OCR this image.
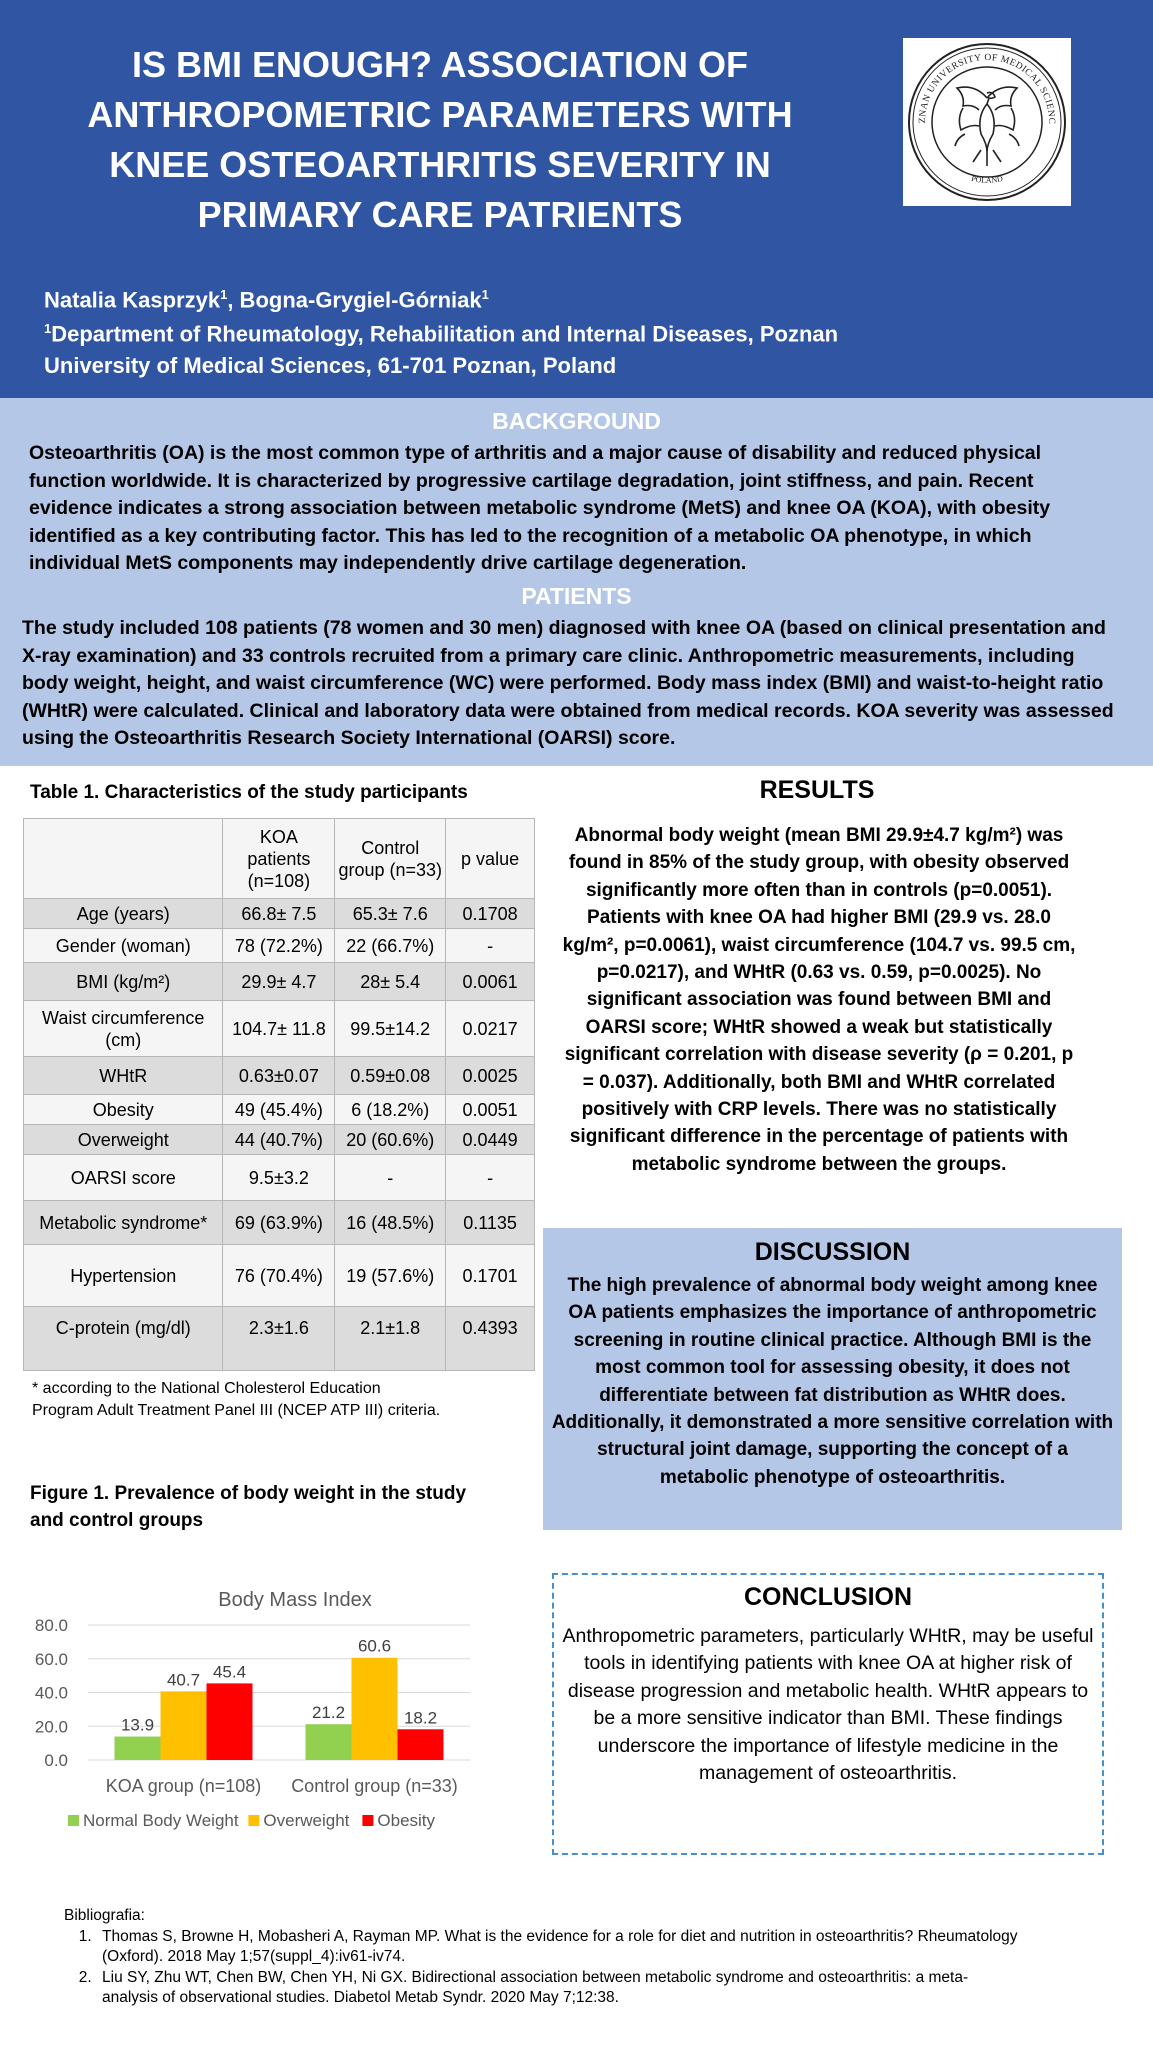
IS BMI ENOUGH? ASSOCIATION OF
ANTHROPOMETRIC PARAMETERS WITH
KNEE OSTEOARTHRITIS SEVERITY IN
PRIMARY CARE PATRIENTS
ZNAN UNIVERSITY OF MEDICAL SCIENC
POLAND
Natalia Kasprzyk$^1$, Bogna-Grygiel-Górniak$^1$
$^1$Department of Rheumatology, Rehabilitation and Internal Diseases, Poznan
University of Medical Sciences, 61-701 Poznan, Poland
BACKGROUND
Osteoarthritis (OA) is the most common type of arthritis and a major cause of disability and reduced physical function worldwide. It is characterized by progressive cartilage degradation, joint stiffness, and pain. Recent evidence indicates a strong association between metabolic syndrome (MetS) and knee OA (KOA), with obesity identified as a key contributing factor. This has led to the recognition of a metabolic OA phenotype, in which individual MetS components may independently drive cartilage degeneration.
PATIENTS
The study included 108 patients (78 women and 30 men) diagnosed with knee OA (based on clinical presentation and X-ray examination) and 33 controls recruited from a primary care clinic. Anthropometric measurements, including body weight, height, and waist circumference (WC) were performed. Body mass index (BMI) and waist-to-height ratio (WHtR) were calculated. Clinical and laboratory data were obtained from medical records. KOA severity was assessed using the Osteoarthritis Research Society International (OARSI) score.
Table 1. Characteristics of the study participants
	KOA patients (n=108)	Control group (n=33)	p value
Age (years)	66.8± 7.5	65.3± 7.6	0.1708
Gender (woman)	78 (72.2%)	22 (66.7%)	-
BMI (kg/m²)	29.9± 4.7	28± 5.4	0.0061
Waist circumference (cm)	104.7± 11.8	99.5±14.2	0.0217
WHtR	0.63±0.07	0.59±0.08	0.0025
Obesity	49 (45.4%)	6 (18.2%)	0.0051
Overweight	44 (40.7%)	20 (60.6%)	0.0449
OARSI score	9.5±3.2	-	-
Metabolic syndrome*	69 (63.9%)	16 (48.5%)	0.1135
Hypertension	76 (70.4%)	19 (57.6%)	0.1701
C-protein (mg/dl)	2.3±1.6	2.1±1.8	0.4393
* according to the National Cholesterol Education
Program Adult Treatment Panel III (NCEP ATP III) criteria.
RESULTS
Abnormal body weight (mean BMI 29.9±4.7 kg/m²) was found in 85% of the study group, with obesity observed significantly more often than in controls (p=0.0051). Patients with knee OA had higher BMI (29.9 vs. 28.0 kg/m², p=0.0061), waist circumference (104.7 vs. 99.5 cm, p=0.0217), and WHtR (0.63 vs. 0.59, p=0.0025). No significant association was found between BMI and OARSI score; WHtR showed a weak but statistically significant correlation with disease severity (ρ = 0.201, p = 0.037). Additionally, both BMI and WHtR correlated positively with CRP levels. There was no statistically significant difference in the percentage of patients with metabolic syndrome between the groups.
DISCUSSION
The high prevalence of abnormal body weight among knee OA patients emphasizes the importance of anthropometric screening in routine clinical practice. Although BMI is the most common tool for assessing obesity, it does not differentiate between fat distribution as WHtR does. Additionally, it demonstrated a more sensitive correlation with structural joint damage, supporting the concept of a metabolic phenotype of osteoarthritis.
Figure 1. Prevalence of body weight in the study and control groups
Body Mass Index
80.0
60.0
40.0
20.0
0.0
13.9
40.7 45.4
21.2
60.6
18.2
KOA group (n=108) Control group (n=33)
Normal Body Weight Overweight Obesity
CONCLUSION
Anthropometric parameters, particularly WHtR, may be useful tools in identifying patients with knee OA at higher risk of disease progression and metabolic health. WHtR appears to be a more sensitive indicator than BMI. These findings underscore the importance of lifestyle medicine in the management of osteoarthritis.
Bibliografia:
1. Thomas S, Browne H, Mobasheri A, Rayman MP. What is the evidence for a role for diet and nutrition in osteoarthritis? Rheumatology (Oxford). 2018 May 1;57(suppl_4):iv61-iv74.
2. Liu SY, Zhu WT, Chen BW, Chen YH, Ni GX. Bidirectional association between metabolic syndrome and osteoarthritis: a meta-analysis of observational studies. Diabetol Metab Syndr. 2020 May 7;12:38.
